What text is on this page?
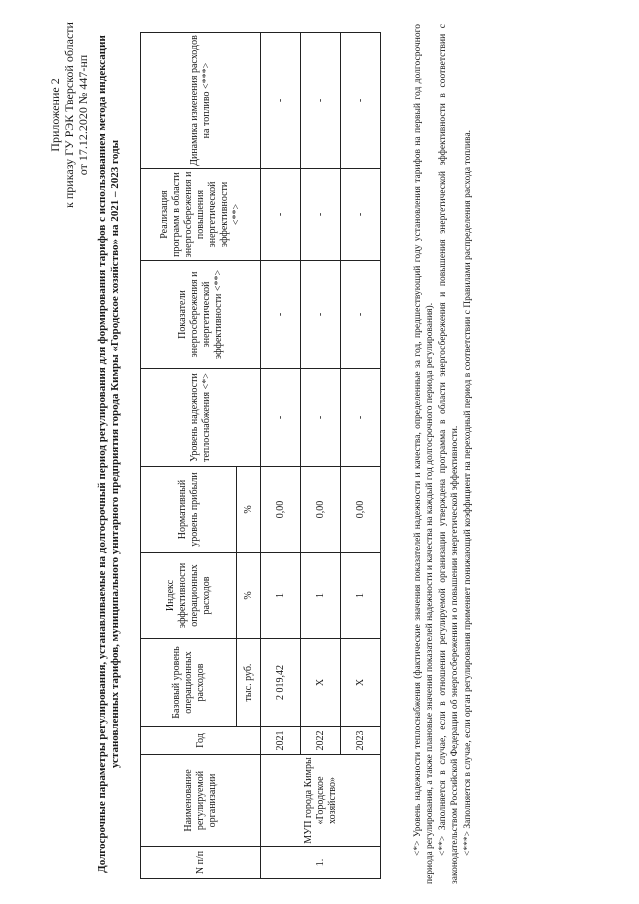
Приложение 2 к приказу ГУ РЭК Тверской области от 17.12.2020 № 447-нп Долгосрочные параметры регулирования, устанавливаемые на долгосрочный период регулирования для формирования тарифов с использованием метода индексации установленных тарифов, муниципального унитарного предприятия города Кимры «Городское хозяйство» на 2021 – 2023 годы
N п/п	Наименование регулируемой организации	Год	Базовый уровень операционных расходов	Индекс эффективности операционных расходов	Нормативный уровень прибыли	Уровень надежности теплоснабжения <*>	Показатели энергосбережения и энергетической эффективности <**>	Реализация программ в области энергосбережения и повышения энергетической эффективности <**>	Динамика изменения расходов на топливо <***>
			тыс. руб.	%	%				
1.	МУП города Кимры «Городское хозяйство»	2021	2 019,42	1	0,00	-	-	-	-
		2022	Х	1	0,00	-	-	-	-
		2023	Х	1	0,00	-	-	-	-	<*> Уровень надежности теплоснабжения (фактические значения показателей надежности и качества, определенные за год, предшествующий году установления тарифов на первый год долгосрочного периода регулирования, а также плановые значения показателей надежности и качества на каждый год долгосрочного периода регулирования). <**> Заполняется в случае, если в отношении регулируемой организации утверждена программа в области энергосбережения и повышения энергетической эффективности в соответствии с законодательством Российской Федерации об энергосбережении и о повышении энергетической эффективности. <***> Заполняется в случае, если орган регулирования применяет понижающий коэффициент на переходный период в соответствии с Правилами распределения расхода топлива.
